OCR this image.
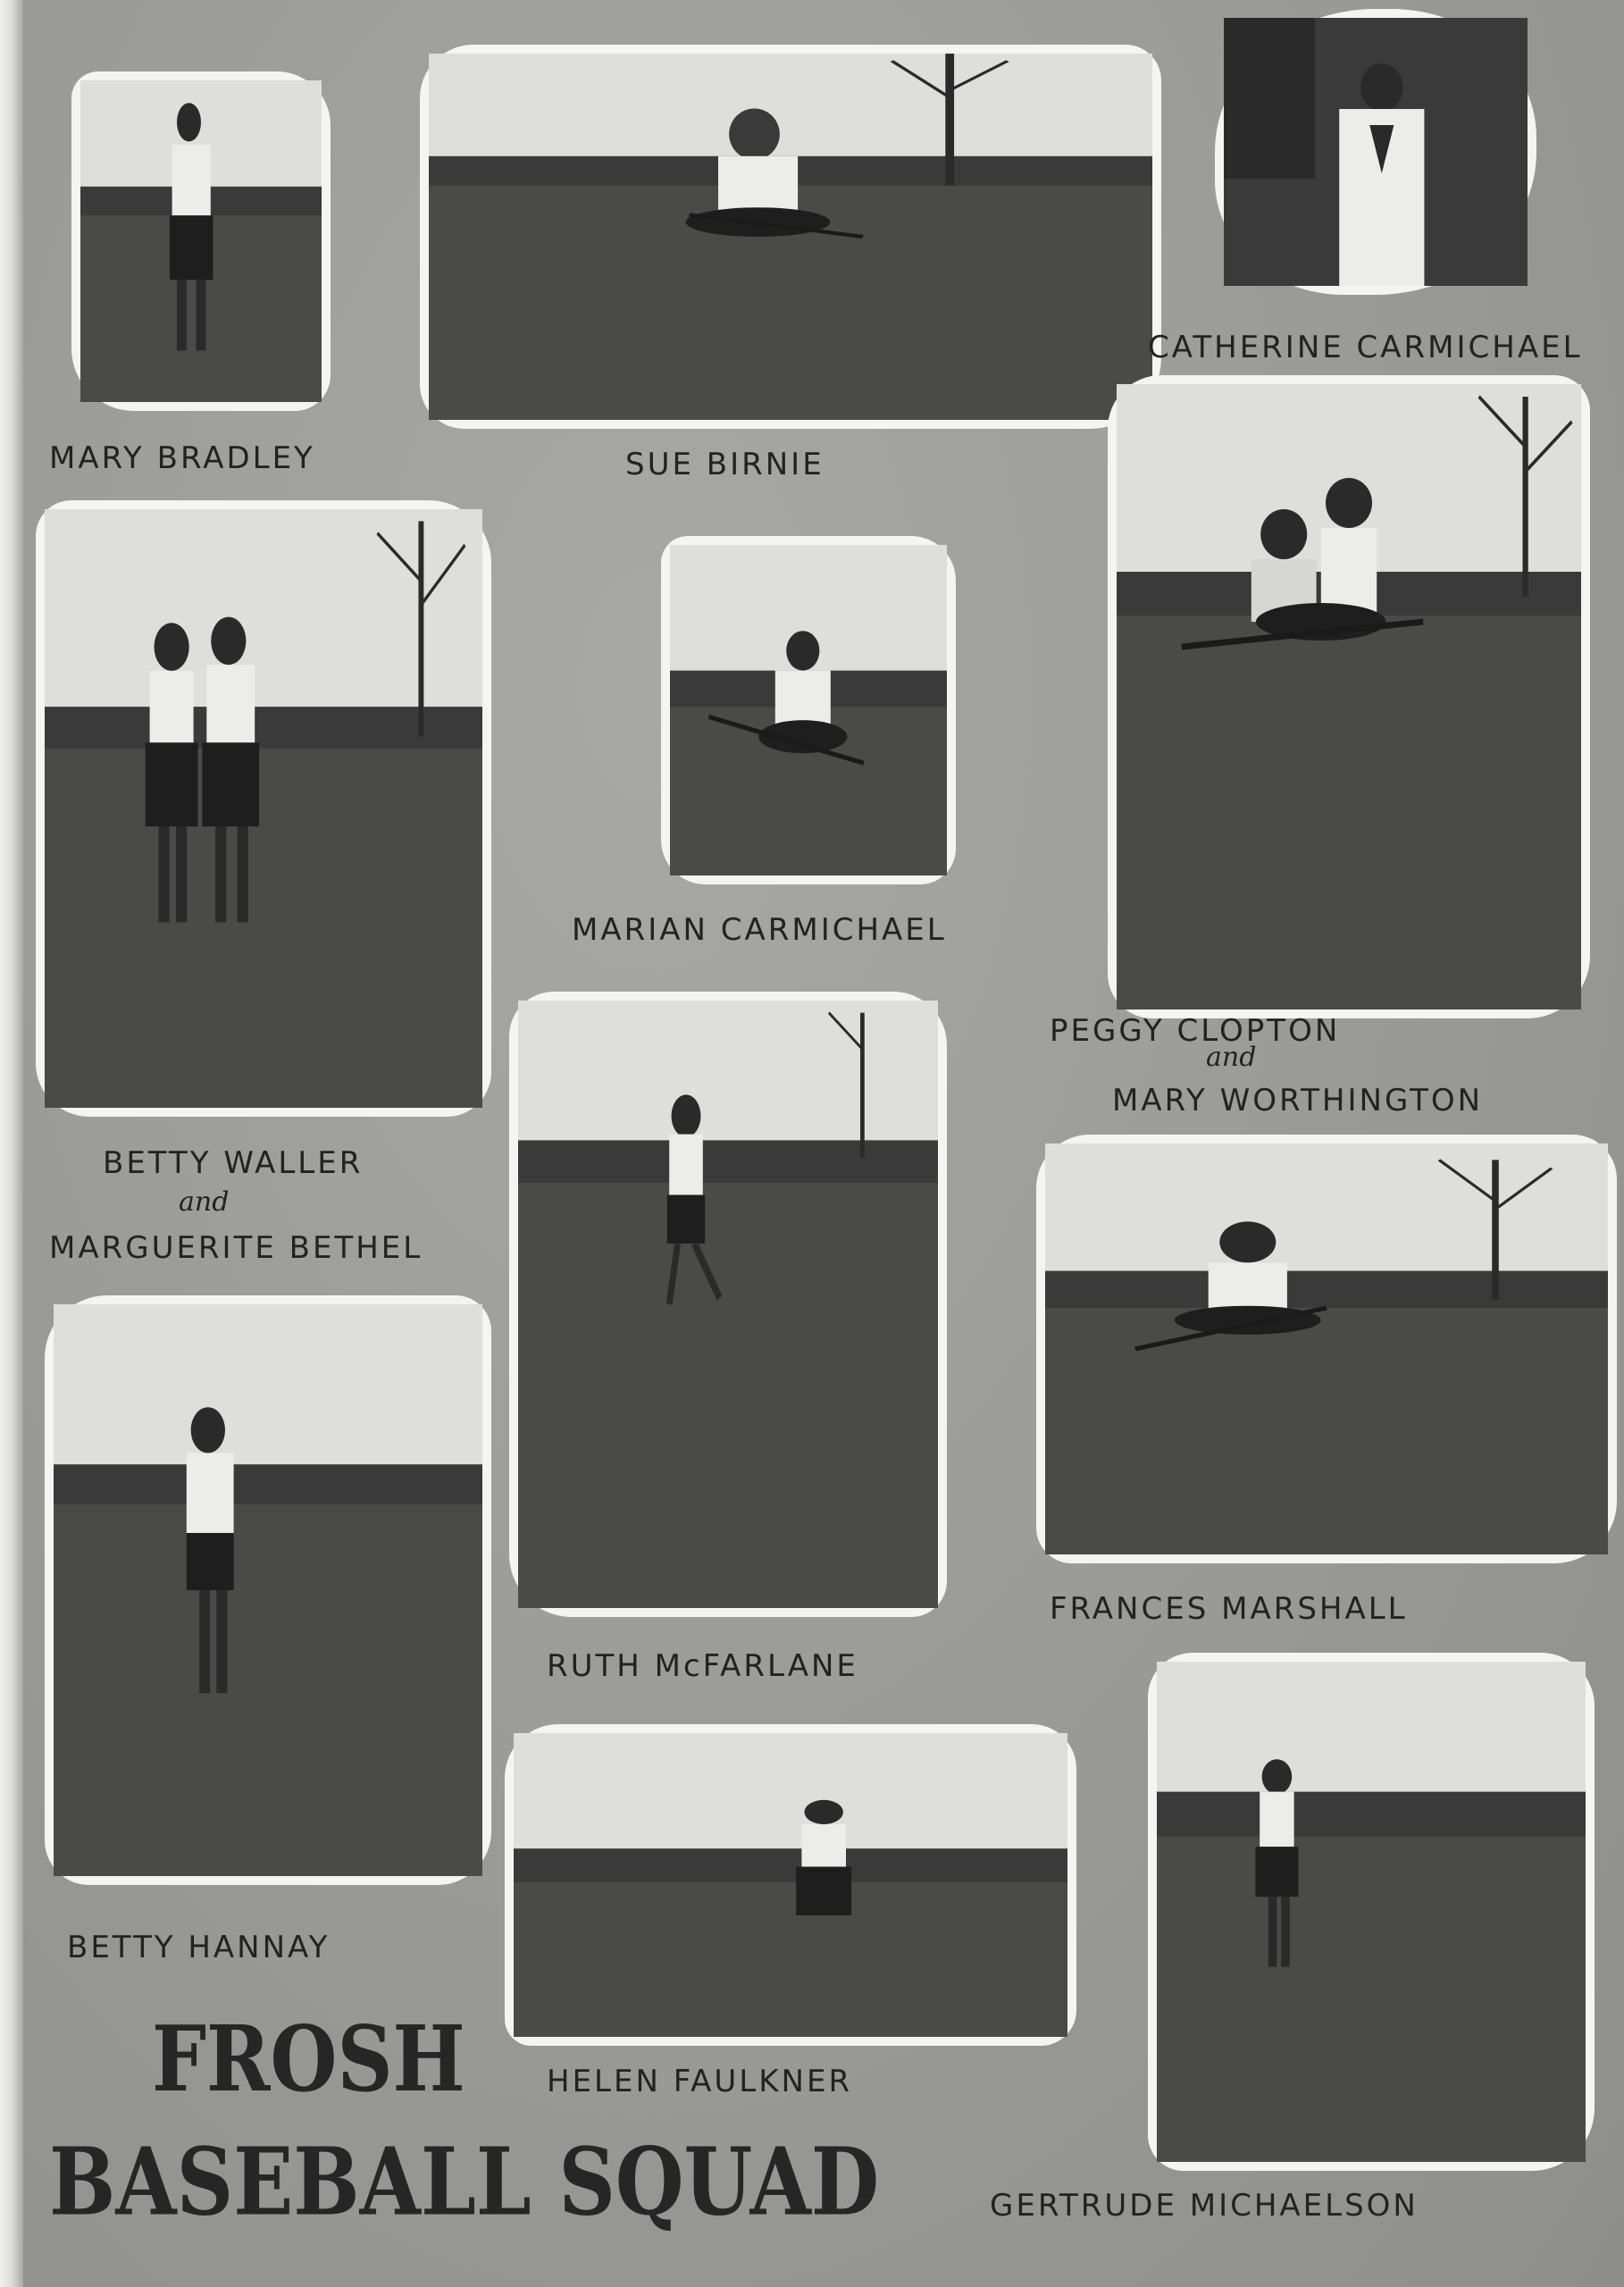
MARY BRADLEY	SUE BIRNIE
CATHERINE CARMICHAEL
MARIAN CARMICHAEL
PEGGY CLOPTON
and
MARY WORTHINGTON
BETTY WALLER
and
MARGUERITE BETHEL
FRANCES MARSHALL
RUTH McFARLANE
BETTY HANNAY
HELEN FAULKNER
GERTRUDE MICHAELSON
FROSH
BASEBALL SQUAD
